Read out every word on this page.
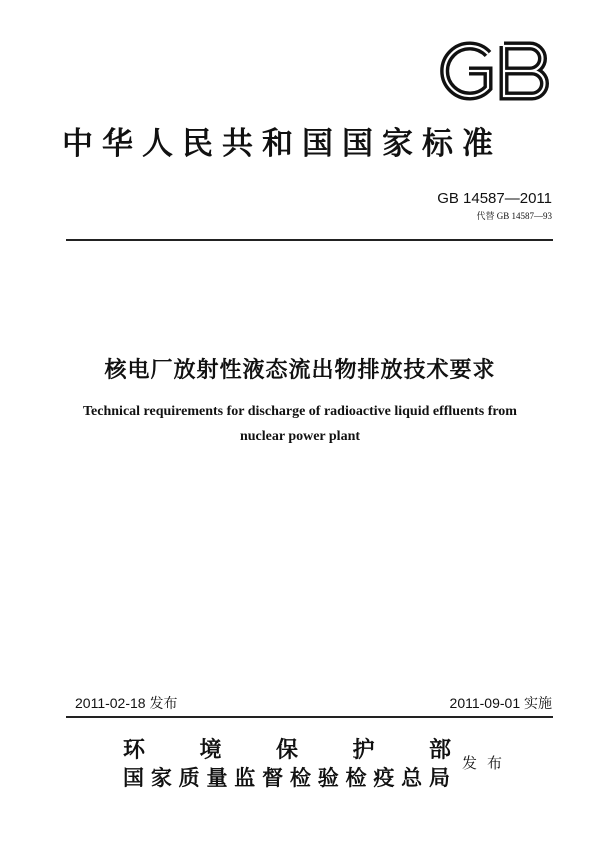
中华人民共和国国家标准
GB 14587—2011
代替 GB 14587—93
核电厂放射性液态流出物排放技术要求
Technical requirements for discharge of radioactive liquid effluents from
nuclear power plant
2011-02-18 发布	2011-09-01 实施
环境保护部
国家质量监督检验检疫总局
发布
